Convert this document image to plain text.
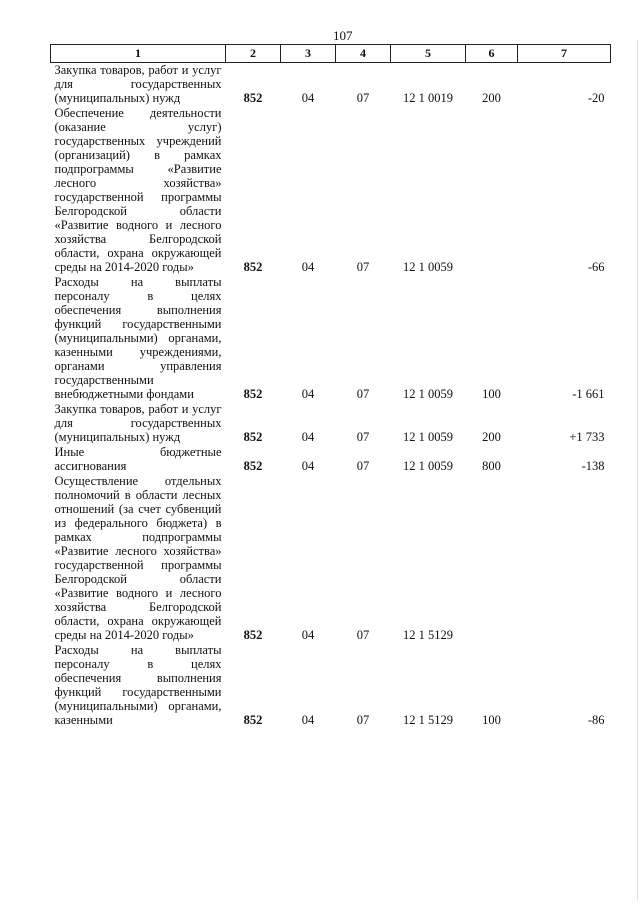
107
1	2	3	4	5	6	7
Закупка товаров, работ и услуг для государственных (муниципальных) нужд	852	04	07	12 1 0019	200	-20
Обеспечение деятельности (оказание услуг) государственных учреждений (организаций) в рамках подпрограммы «Развитие лесного хозяйства» государственной программы Белгородской области «Развитие водного и лесного хозяйства Белгородской области, охрана окружающей среды на 2014-2020 годы»	852	04	07	12 1 0059		-66
Расходы на выплаты персоналу в целях обеспечения выполнения функций государственными (муниципальными) органами, казенными учреждениями, органами управления государственными внебюджетными фондами	852	04	07	12 1 0059	100	-1 661
Закупка товаров, работ и услуг для государственных (муниципальных) нужд	852	04	07	12 1 0059	200	+1 733
Иные бюджетные ассигнования	852	04	07	12 1 0059	800	-138
Осуществление отдельных полномочий в области лесных отношений (за счет субвенций из федерального бюджета) в рамках подпрограммы «Развитие лесного хозяйства» государственной программы Белгородской области «Развитие водного и лесного хозяйства Белгородской области, охрана окружающей среды на 2014-2020 годы»	852	04	07	12 1 5129		
Расходы на выплаты персоналу в целях обеспечения выполнения функций государственными (муниципальными) органами, казенными	852	04	07	12 1 5129	100	-86
